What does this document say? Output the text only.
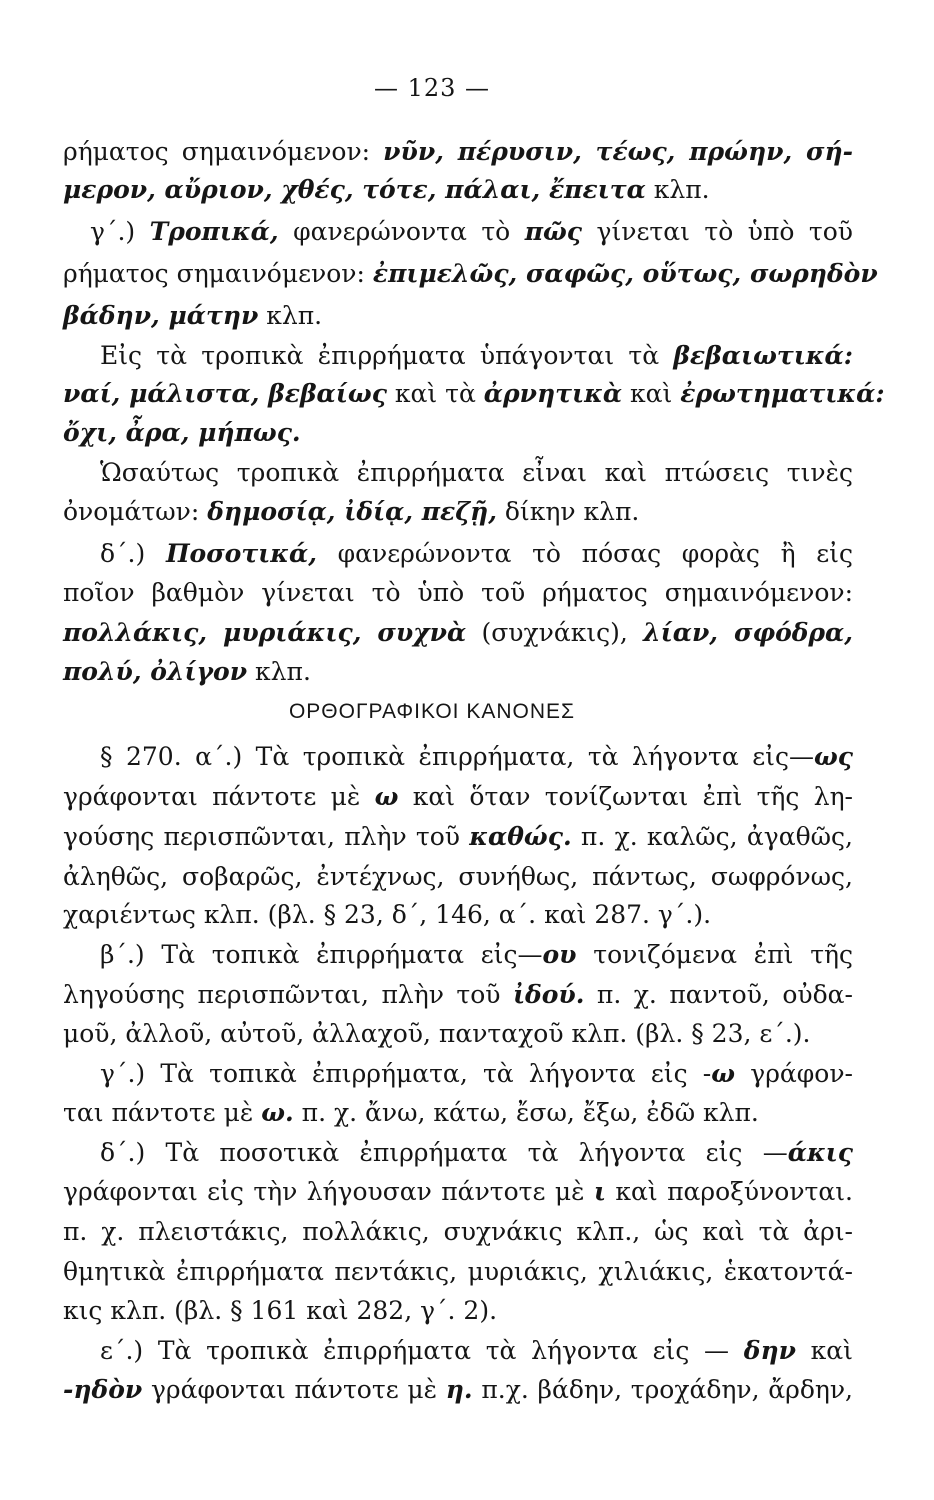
— 123 —
ρήματος σημαινόμενον: νῦν, πέρυσιν, τέως, πρώην, σή-
μερον, αὔριον, χθές, τότε, πάλαι, ἔπειτα κλπ.
γ΄.) Τροπικά, φανερώνοντα τὸ πῶς γίνεται τὸ ὑπὸ τοῦ
ρήματος σημαινόμενον: ἐπιμελῶς, σαφῶς, οὕτως, σωρηδὸν
βάδην, μάτην κλπ.
Εἰς τὰ τροπικὰ ἐπιρρήματα ὑπάγονται τὰ βεβαιωτικά:
ναί, μάλιστα, βεβαίως καὶ τὰ ἀρνητικὰ καὶ ἐρωτηματικά:
ὄχι, ἆρα, μήπως.
Ὡσαύτως τροπικὰ ἐπιρρήματα εἶναι καὶ πτώσεις τινὲς
ὀνομάτων: δημοσίᾳ, ἰδίᾳ, πεζῇ, δίκην κλπ.
δ΄.) Ποσοτικά, φανερώνοντα τὸ πόσας φορὰς ἢ εἰς
ποῖον βαθμὸν γίνεται τὸ ὑπὸ τοῦ ρήματος σημαινόμενον:
πολλάκις, μυριάκις, συχνὰ (συχνάκις), λίαν, σφόδρα,
πολύ, ὀλίγον κλπ.
ΟΡΘΟΓΡΑΦΙΚΟΙ ΚΑΝΟΝΕΣ
§ 270. α΄.) Τὰ τροπικὰ ἐπιρρήματα, τὰ λήγοντα εἰς—ως
γράφονται πάντοτε μὲ ω καὶ ὅταν τονίζωνται ἐπὶ τῆς λη-
γούσης περισπῶνται, πλὴν τοῦ καθώς. π. χ. καλῶς, ἀγαθῶς,
ἀληθῶς, σοβαρῶς, ἐντέχνως, συνήθως, πάντως, σωφρόνως,
χαριέντως κλπ. (βλ. § 23, δ΄, 146, α΄. καὶ 287. γ΄.).
β΄.) Τὰ τοπικὰ ἐπιρρήματα εἰς—ου τονιζόμενα ἐπὶ τῆς
ληγούσης περισπῶνται, πλὴν τοῦ ἰδού. π. χ. παντοῦ, οὐδα-
μοῦ, ἀλλοῦ, αὐτοῦ, ἀλλαχοῦ, πανταχοῦ κλπ. (βλ. § 23, ε΄.).
γ΄.) Τὰ τοπικὰ ἐπιρρήματα, τὰ λήγοντα εἰς -ω γράφον-
ται πάντοτε μὲ ω. π. χ. ἄνω, κάτω, ἔσω, ἔξω, ἐδῶ κλπ.
δ΄.) Τὰ ποσοτικὰ ἐπιρρήματα τὰ λήγοντα εἰς —άκις
γράφονται εἰς τὴν λήγουσαν πάντοτε μὲ ι καὶ παροξύνονται.
π. χ. πλειστάκις, πολλάκις, συχνάκις κλπ., ὡς καὶ τὰ ἀρι-
θμητικὰ ἐπιρρήματα πεντάκις, μυριάκις, χιλιάκις, ἑκατοντά-
κις κλπ. (βλ. § 161 καὶ 282, γ΄. 2).
ε΄.) Τὰ τροπικὰ ἐπιρρήματα τὰ λήγοντα εἰς — δην καὶ
-ηδὸν γράφονται πάντοτε μὲ η. π.χ. βάδην, τροχάδην, ἄρδην,
